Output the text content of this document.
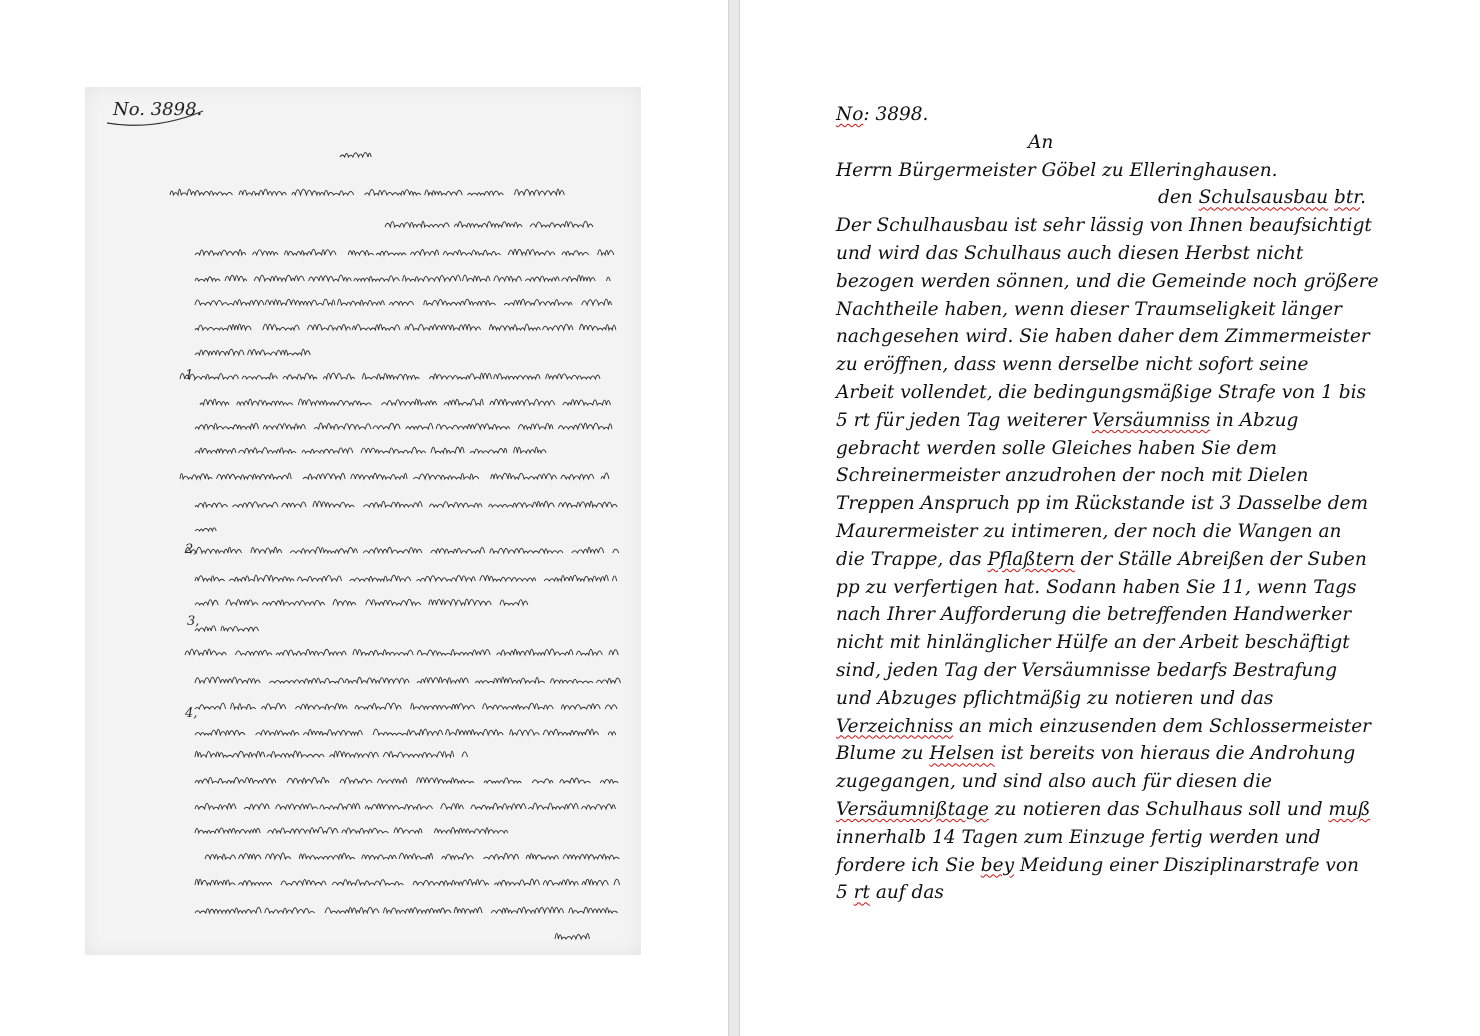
1,
2,
3,
4,
No. 3898.	No: 3898.
An
Herrn Bürgermeister Göbel zu Elleringhausen.
den Schulsausbau btr.
Der Schulhausbau ist sehr lässig von Ihnen beaufsichtigt
und wird das Schulhaus auch diesen Herbst nicht
bezogen werden sönnen, und die Gemeinde noch größere
Nachtheile haben, wenn dieser Traumseligkeit länger
nachgesehen wird. Sie haben daher dem Zimmermeister
zu eröffnen, dass wenn derselbe nicht sofort seine
Arbeit vollendet, die bedingungsmäßige Strafe von 1 bis
5 rt für jeden Tag weiterer Versäumniss in Abzug
gebracht werden solle Gleiches haben Sie dem
Schreinermeister anzudrohen der noch mit Dielen
Treppen Anspruch pp im Rückstande ist 3 Dasselbe dem
Maurermeister zu intimeren, der noch die Wangen an
die Trappe, das Pflaßtern der Ställe Abreißen der Suben
pp zu verfertigen hat. Sodann haben Sie 11, wenn Tags
nach Ihrer Aufforderung die betreffenden Handwerker
nicht mit hinlänglicher Hülfe an der Arbeit beschäftigt
sind, jeden Tag der Versäumnisse bedarfs Bestrafung
und Abzuges pflichtmäßig zu notieren und das
Verzeichniss an mich einzusenden dem Schlossermeister
Blume zu Helsen ist bereits von hieraus die Androhung
zugegangen, und sind also auch für diesen die
Versäumnißtage zu notieren das Schulhaus soll und muß
innerhalb 14 Tagen zum Einzuge fertig werden und
fordere ich Sie bey Meidung einer Disziplinarstrafe von
5 rt auf das
